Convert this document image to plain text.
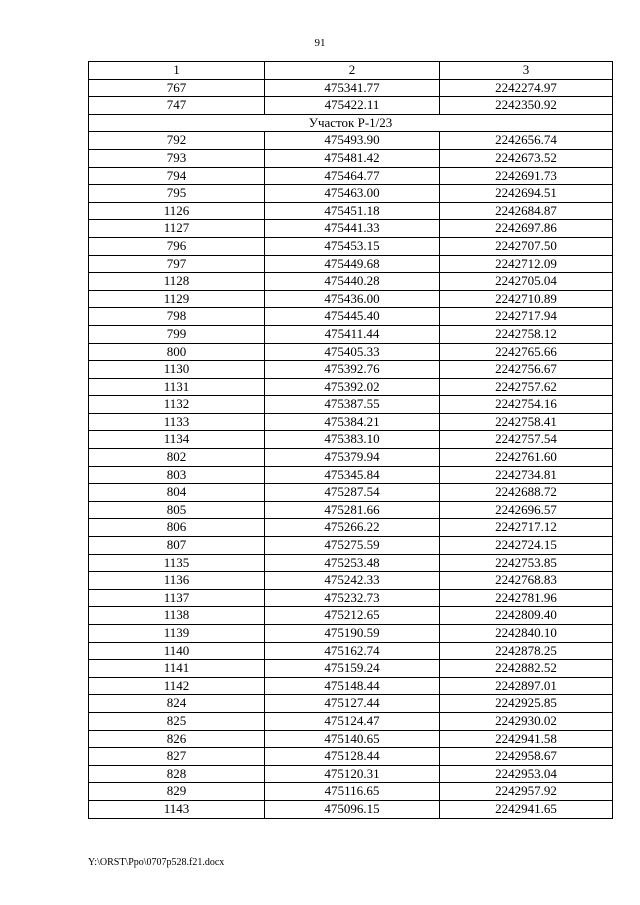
91
1	2	3
767	475341.77	2242274.97
747	475422.11	2242350.92
Участок Р-1/23		
792	475493.90	2242656.74
793	475481.42	2242673.52
794	475464.77	2242691.73
795	475463.00	2242694.51
1126	475451.18	2242684.87
1127	475441.33	2242697.86
796	475453.15	2242707.50
797	475449.68	2242712.09
1128	475440.28	2242705.04
1129	475436.00	2242710.89
798	475445.40	2242717.94
799	475411.44	2242758.12
800	475405.33	2242765.66
1130	475392.76	2242756.67
1131	475392.02	2242757.62
1132	475387.55	2242754.16
1133	475384.21	2242758.41
1134	475383.10	2242757.54
802	475379.94	2242761.60
803	475345.84	2242734.81
804	475287.54	2242688.72
805	475281.66	2242696.57
806	475266.22	2242717.12
807	475275.59	2242724.15
1135	475253.48	2242753.85
1136	475242.33	2242768.83
1137	475232.73	2242781.96
1138	475212.65	2242809.40
1139	475190.59	2242840.10
1140	475162.74	2242878.25
1141	475159.24	2242882.52
1142	475148.44	2242897.01
824	475127.44	2242925.85
825	475124.47	2242930.02
826	475140.65	2242941.58
827	475128.44	2242958.67
828	475120.31	2242953.04
829	475116.65	2242957.92
1143	475096.15	2242941.65
Y:\ORST\Ppo\0707p528.f21.docx
